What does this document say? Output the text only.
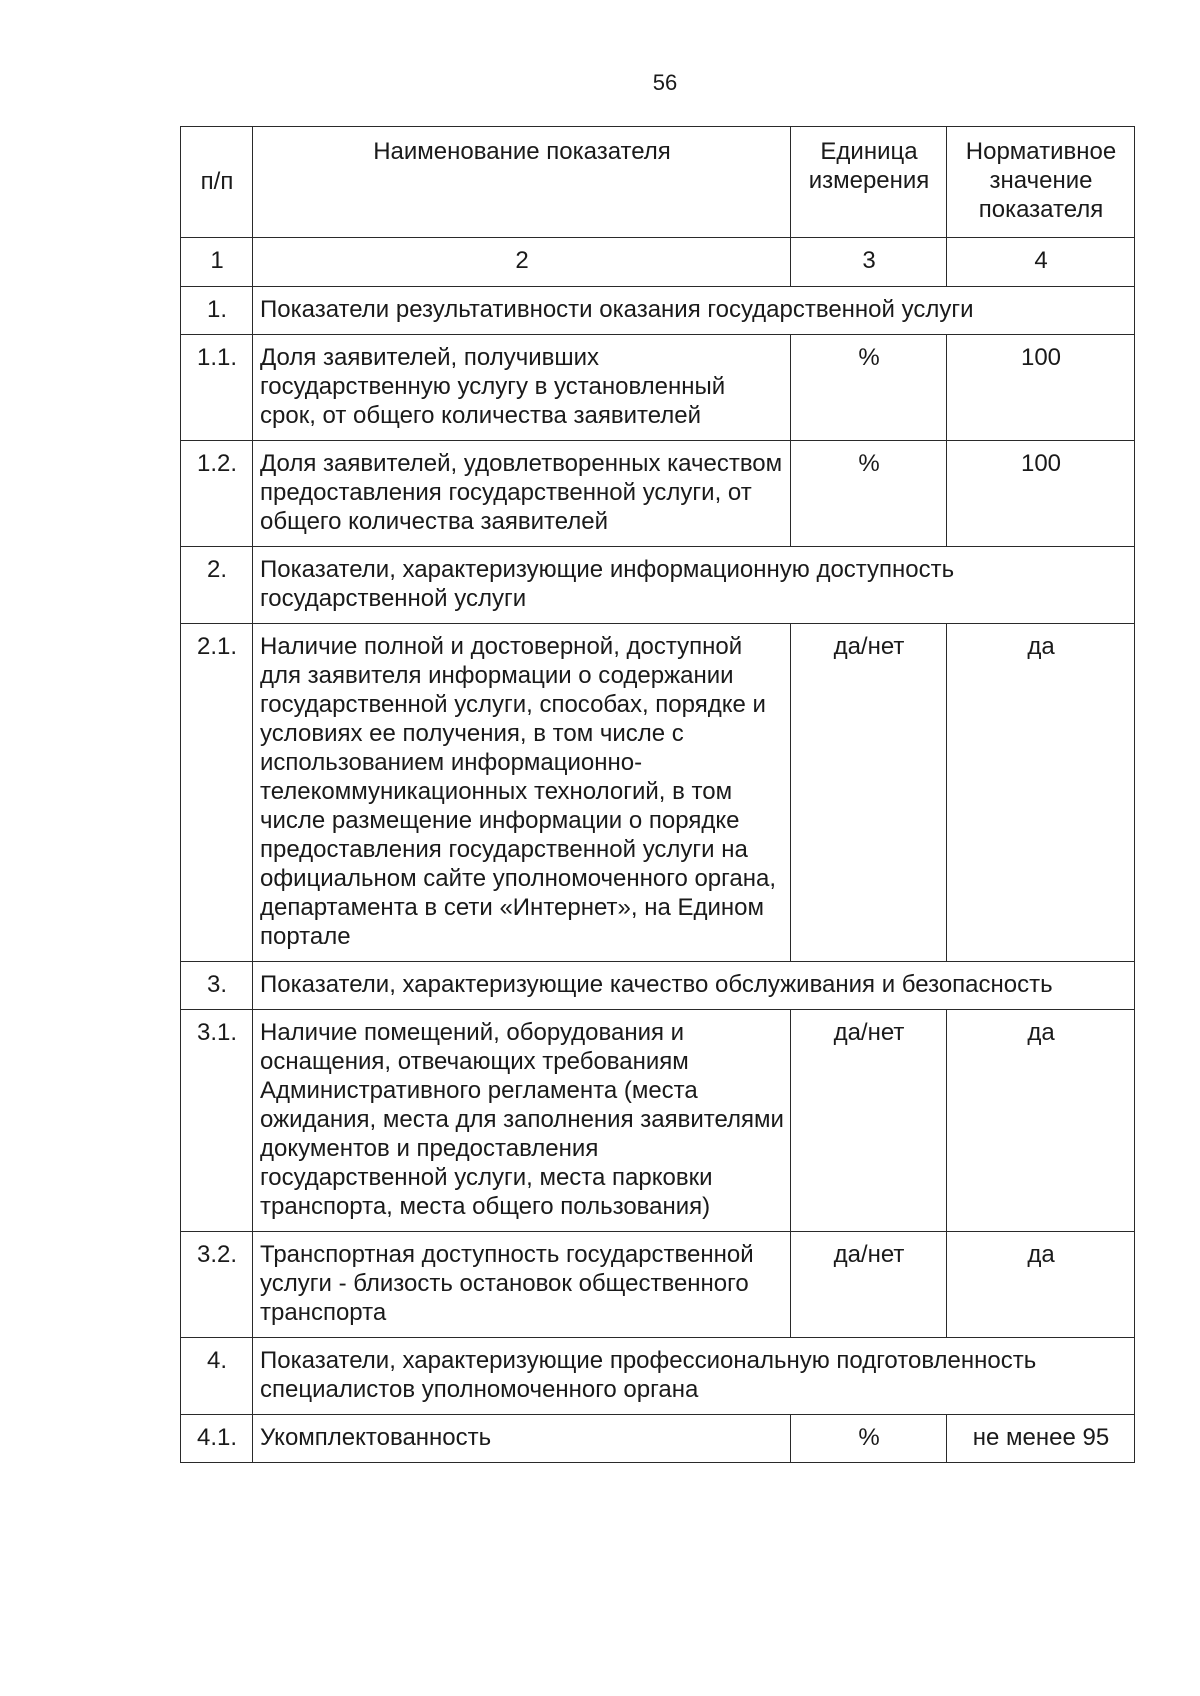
56
п/п	Наименование показателя	Единица измерения	Нормативное значение показателя
1	2	3	4
1.	Показатели результативности оказания государственной услуги		
1.1.	Доля заявителей, получивших государственную услугу в установленный срок, от общего количества заявителей	%	100
1.2.	Доля заявителей, удовлетворенных качеством предоставления государственной услуги, от общего количества заявителей	%	100
2.	Показатели, характеризующие информационную доступность государственной услуги		
2.1.	Наличие полной и достоверной, доступной для заявителя информации о содержании государственной услуги, способах, порядке и условиях ее получения, в том числе с использованием информационно-телекоммуникационных технологий, в том числе размещение информации о порядке предоставления государственной услуги на официальном сайте уполномоченного органа, департамента в сети «Интернет», на Едином портале	да/нет	да
3.	Показатели, характеризующие качество обслуживания и безопасность		
3.1.	Наличие помещений, оборудования и оснащения, отвечающих требованиям Административного регламента (места ожидания, места для заполнения заявителями документов и предоставления государственной услуги, места парковки транспорта, места общего пользования)	да/нет	да
3.2.	Транспортная доступность государственной услуги - близость остановок общественного транспорта	да/нет	да
4.	Показатели, характеризующие профессиональную подготовленность специалистов уполномоченного органа		
4.1.	Укомплектованность	%	не менее 95
